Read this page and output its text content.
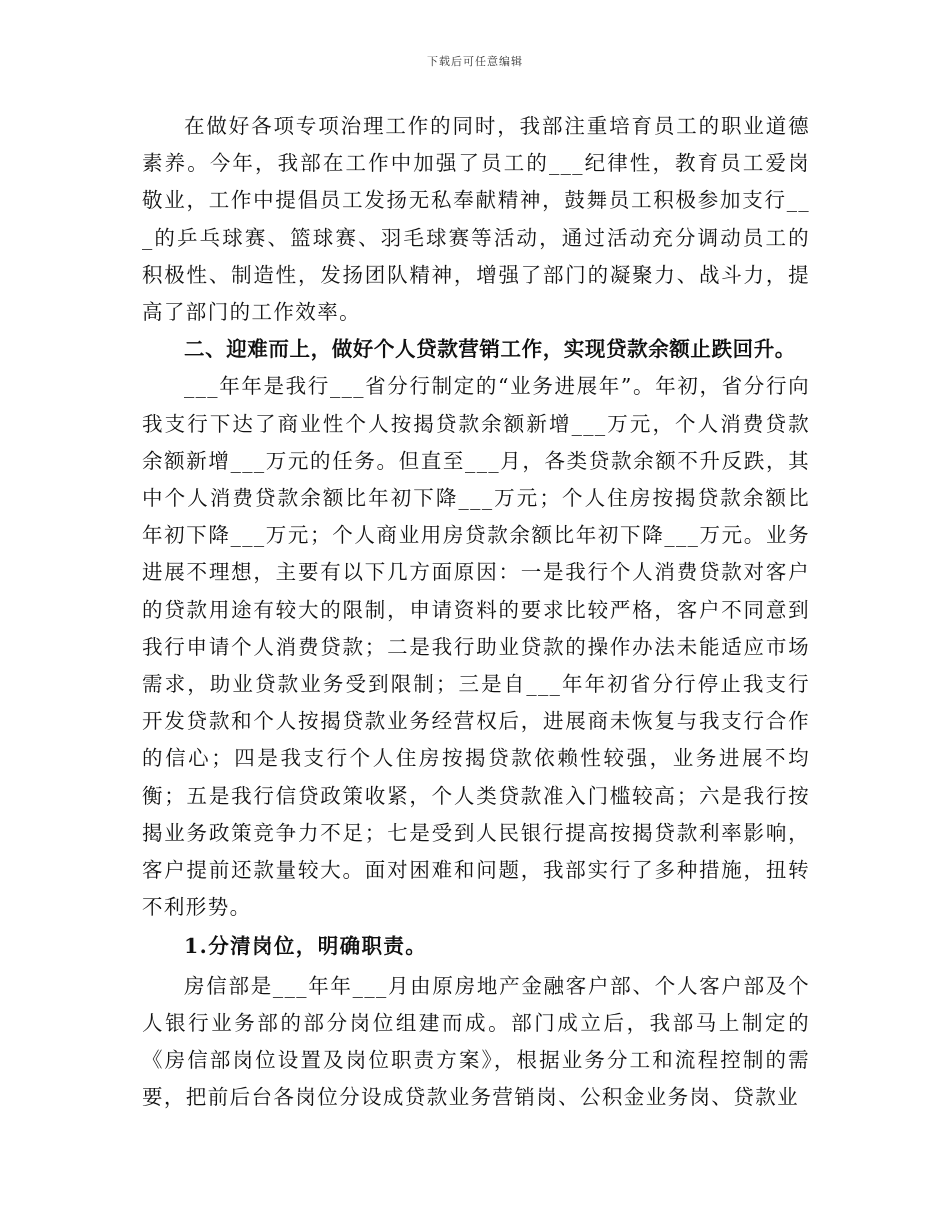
下载后可任意编辑

在做好各项专项治理工作的同时，我部注重培育员工的职业道德素养。今年，我部在工作中加强了员工的___纪律性，教育员工爱岗敬业，工作中提倡员工发扬无私奉献精神，鼓舞员工积极参加支行___的乒乓球赛、篮球赛、羽毛球赛等活动，通过活动充分调动员工的积极性、制造性，发扬团队精神，增强了部门的凝聚力、战斗力，提高了部门的工作效率。

二、迎难而上，做好个人贷款营销工作，实现贷款余额止跌回升。

___年年是我行___省分行制定的“业务进展年”。年初，省分行向我支行下达了商业性个人按揭贷款余额新增___万元，个人消费贷款余额新增___万元的任务。但直至___月，各类贷款余额不升反跌，其中个人消费贷款余额比年初下降___万元；个人住房按揭贷款余额比年初下降___万元；个人商业用房贷款余额比年初下降___万元。业务进展不理想，主要有以下几方面原因：一是我行个人消费贷款对客户的贷款用途有较大的限制，申请资料的要求比较严格，客户不同意到我行申请个人消费贷款；二是我行助业贷款的操作办法未能适应市场需求，助业贷款业务受到限制；三是自___年年初省分行停止我支行开发贷款和个人按揭贷款业务经营权后，进展商未恢复与我支行合作的信心；四是我支行个人住房按揭贷款依赖性较强，业务进展不均衡；五是我行信贷政策收紧，个人类贷款准入门槛较高；六是我行按揭业务政策竞争力不足；七是受到人民银行提高按揭贷款利率影响，客户提前还款量较大。面对困难和问题，我部实行了多种措施，扭转不利形势。

1.分清岗位，明确职责。

房信部是___年年___月由原房地产金融客户部、个人客户部及个人银行业务部的部分岗位组建而成。部门成立后，我部马上制定的《房信部岗位设置及岗位职责方案》，根据业务分工和流程控制的需要，把前后台各岗位分设成贷款业务营销岗、公积金业务岗、贷款业
